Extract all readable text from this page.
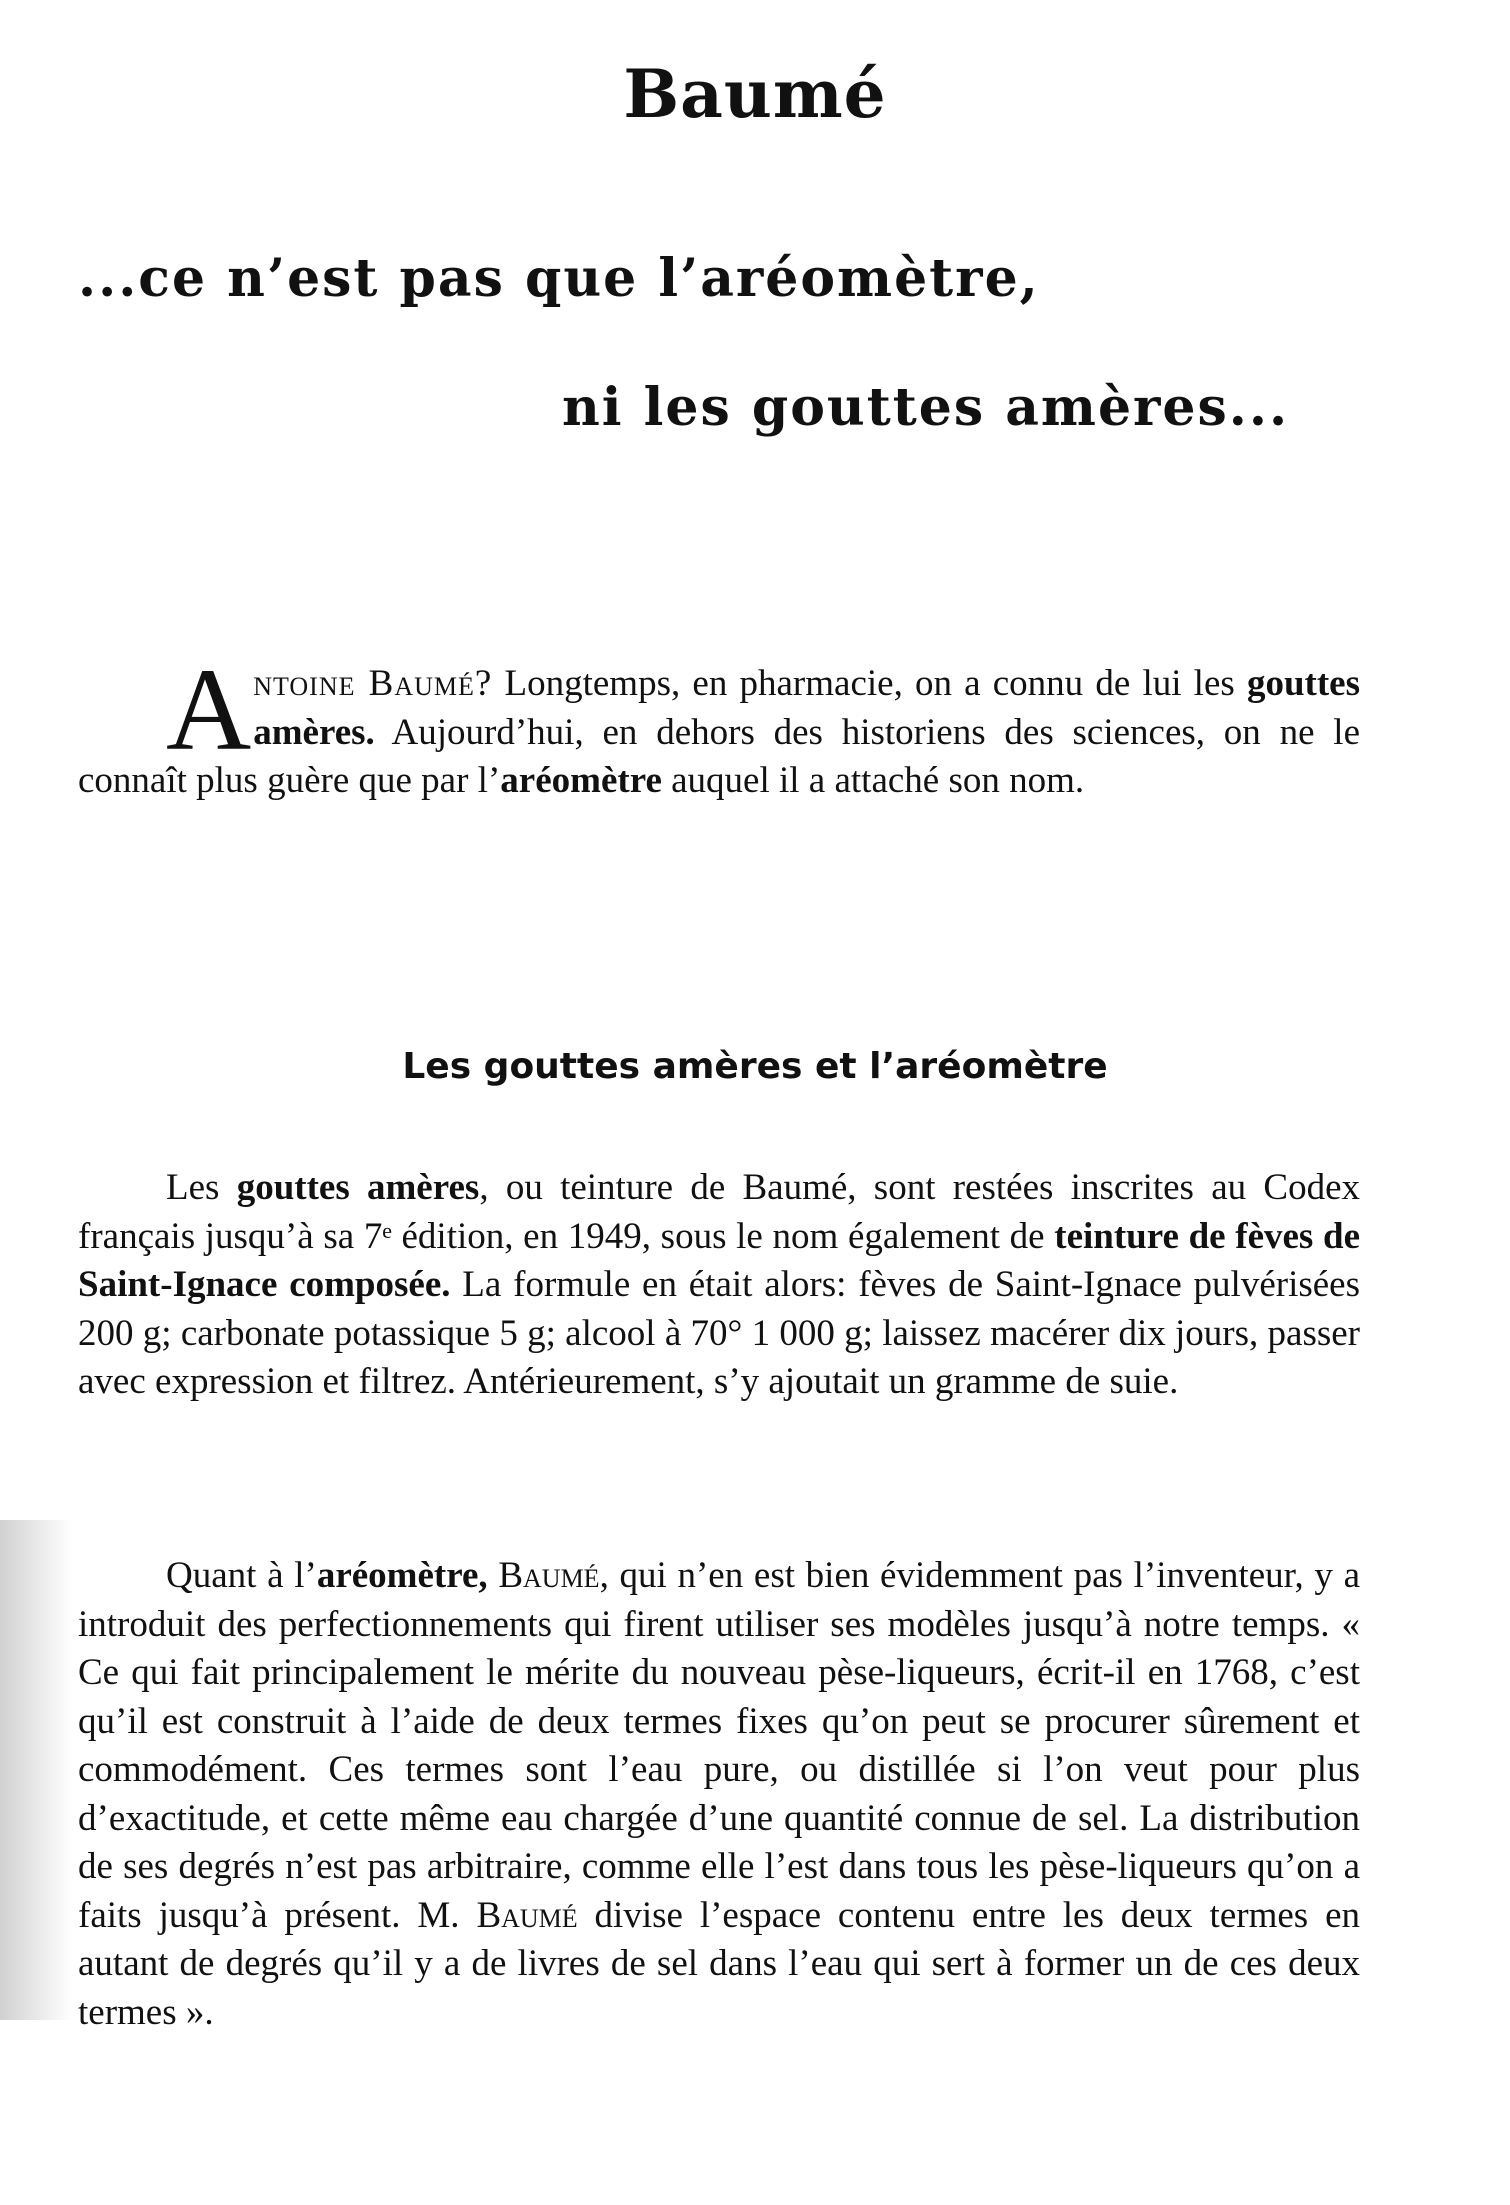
Baumé
...ce n’est pas que l’aréomètre,
ni les gouttes amères...
Antoine Baumé? Longtemps, en pharmacie, on a connu de lui les gouttes amères. Aujourd’hui, en dehors des historiens des sciences, on ne le connaît plus guère que par l’aréomètre auquel il a attaché son nom.
Les gouttes amères et l’aréomètre
Les gouttes amères, ou teinture de Baumé, sont restées inscrites au Codex français jusqu’à sa 7ᵉ édition, en 1949, sous le nom également de teinture de fèves de Saint-Ignace composée. La formule en était alors: fèves de Saint-Ignace pulvérisées 200 g; carbonate potassique 5 g; alcool à 70° 1 000 g; laissez macérer dix jours, passer avec expression et filtrez. Antérieurement, s’y ajoutait un gramme de suie.
Quant à l’aréomètre, Baumé, qui n’en est bien évidemment pas l’inventeur, y a introduit des perfectionnements qui firent utiliser ses modèles jusqu’à notre temps. « Ce qui fait principalement le mérite du nouveau pèse-liqueurs, écrit-il en 1768, c’est qu’il est construit à l’aide de deux termes fixes qu’on peut se procurer sûrement et commodément. Ces termes sont l’eau pure, ou distillée si l’on veut pour plus d’exactitude, et cette même eau chargée d’une quantité connue de sel. La distribution de ses degrés n’est pas arbitraire, comme elle l’est dans tous les pèse-liqueurs qu’on a faits jusqu’à présent. M. Baumé divise l’espace contenu entre les deux termes en autant de degrés qu’il y a de livres de sel dans l’eau qui sert à former un de ces deux termes ».
